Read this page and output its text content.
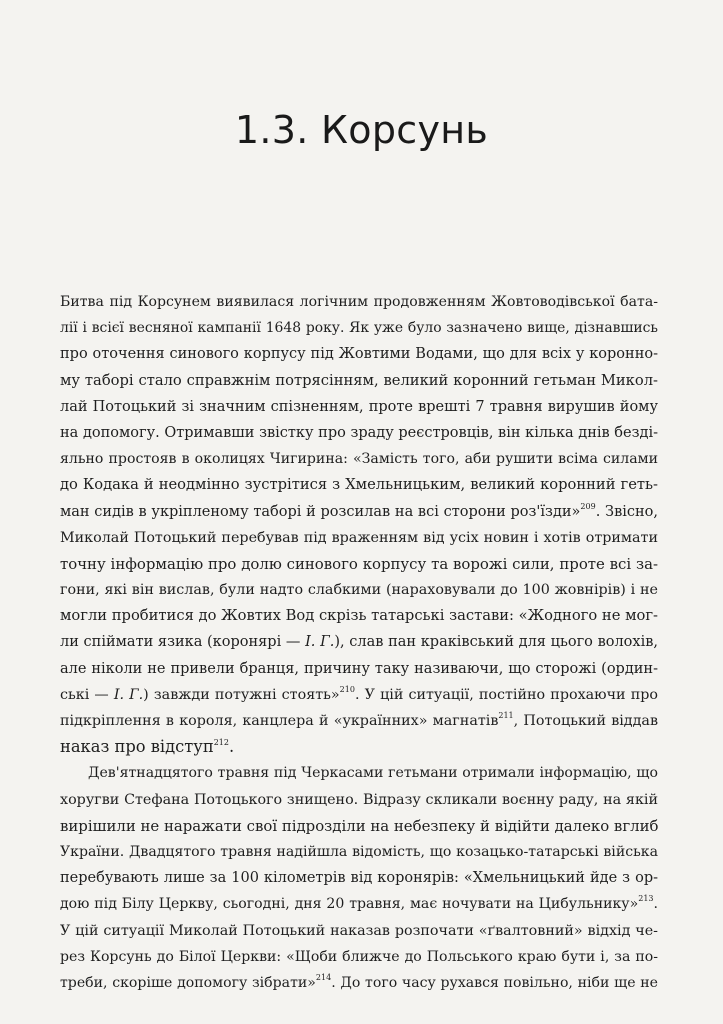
1.3. Корсунь
Битва під Корсунем виявилася логічним продовженням Жовтоводівської бата-
лії і всієї весняної кампанії 1648 року. Як уже було зазначено вище, дізнавшись
про оточення синового корпусу під Жовтими Водами, що для всіх у коронно-
му таборі стало справжнім потрясінням, великий коронний гетьман Микол-
лай Потоцький зі значним спізненням, проте врешті 7 травня вирушив йому
на допомогу. Отримавши звістку про зраду реєстровців, він кілька днів безді-
яльно простояв в околицях Чигирина: «Замість того, аби рушити всіма силами
до Кодака й неодмінно зустрітися з Хмельницьким, великий коронний геть-
ман сидів в укріпленому таборі й розсилав на всі сторони роз'їзди»$^{209}$. Звісно,
Миколай Потоцький перебував під враженням від усіх новин і хотів отримати
точну інформацію про долю синового корпусу та ворожі сили, проте всі за-
гони, які він вислав, були надто слабкими (нараховували до 100 жовнірів) і не
могли пробитися до Жовтих Вод скрізь татарські застави: «Жодного не мог-
ли спіймати язика (коронярі — I. Г.), слав пан краківський для цього волохів,
але ніколи не привели бранця, причину таку називаючи, що сторожі (ордин-
ські — I. Г.) завжди потужні стоять»$^{210}$. У цій ситуації, постійно прохаючи про
підкріплення в короля, канцлера й «українних» магнатів$^{211}$, Потоцький віддав
наказ про відступ$^{212}$.
Дев'ятнадцятого травня під Черкасами гетьмани отримали інформацію, що
хоругви Стефана Потоцького знищено. Відразу скликали воєнну раду, на якій
вирішили не наражати свої підрозділи на небезпеку й відійти далеко вглиб
України. Двадцятого травня надійшла відомість, що козацько-татарські війська
перебувають лише за 100 кілометрів від коронярів: «Хмельницький йде з ор-
дою під Білу Церкву, сьогодні, дня 20 травня, має ночувати на Цибульнику»$^{213}$.
У цій ситуації Миколай Потоцький наказав розпочати «ґвалтовний» відхід че-
рез Корсунь до Білої Церкви: «Щоби ближче до Польського краю бути і, за по-
треби, скоріше допомогу зібрати»$^{214}$. До того часу рухався повільно, ніби ще не
